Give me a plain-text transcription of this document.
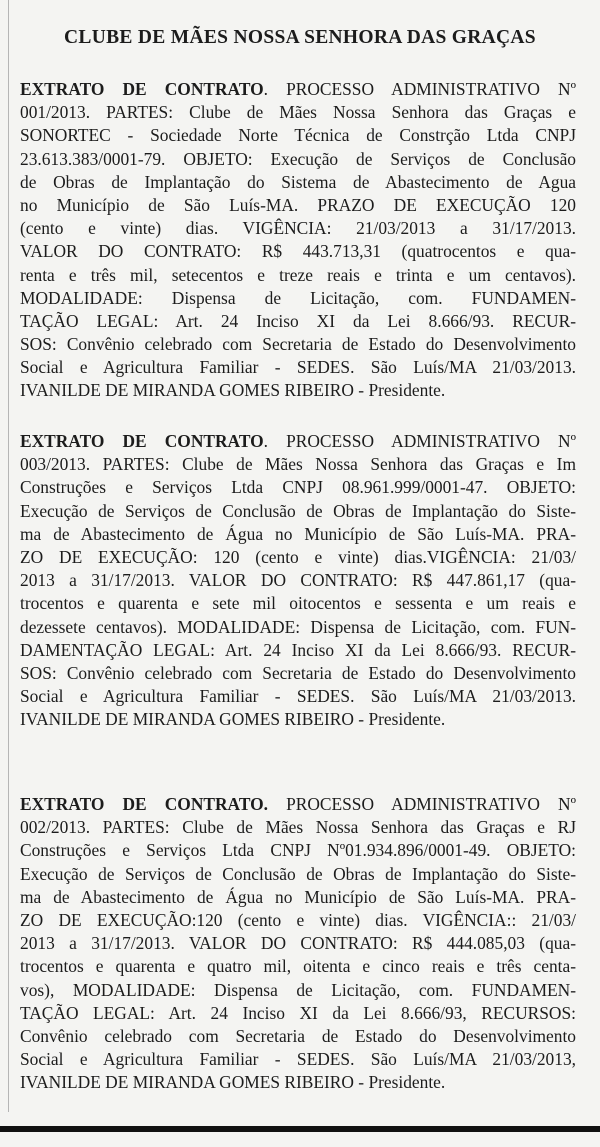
CLUBE DE MÃES NOSSA SENHORA DAS GRAÇAS
EXTRATO DE CONTRATO. PROCESSO ADMINISTRATIVO Nº
001/2013. PARTES: Clube de Mães Nossa Senhora das Graças e
SONORTEC - Sociedade Norte Técnica de Constrção Ltda CNPJ
23.613.383/0001-79. OBJETO: Execução de Serviços de Conclusão
de Obras de Implantação do Sistema de Abastecimento de Agua
no Município de São Luís-MA. PRAZO DE EXECUÇÃO 120
(cento e vinte) dias. VIGÊNCIA: 21/03/2013 a 31/17/2013.
VALOR DO CONTRATO: R$ 443.713,31 (quatrocentos e qua-
renta e três mil, setecentos e treze reais e trinta e um centavos).
MODALIDADE: Dispensa de Licitação, com. FUNDAMEN-
TAÇÃO LEGAL: Art. 24 Inciso XI da Lei 8.666/93. RECUR-
SOS: Convênio celebrado com Secretaria de Estado do Desenvolvimento
Social e Agricultura Familiar - SEDES. São Luís/MA 21/03/2013.
IVANILDE DE MIRANDA GOMES RIBEIRO - Presidente.
EXTRATO DE CONTRATO. PROCESSO ADMINISTRATIVO Nº
003/2013. PARTES: Clube de Mães Nossa Senhora das Graças e Im
Construções e Serviços Ltda CNPJ 08.961.999/0001-47. OBJETO:
Execução de Serviços de Conclusão de Obras de Implantação do Siste-
ma de Abastecimento de Água no Município de São Luís-MA. PRA-
ZO DE EXECUÇÃO: 120 (cento e vinte) dias.VIGÊNCIA: 21/03/
2013 a 31/17/2013. VALOR DO CONTRATO: R$ 447.861,17 (qua-
trocentos e quarenta e sete mil oitocentos e sessenta e um reais e
dezessete centavos). MODALIDADE: Dispensa de Licitação, com. FUN-
DAMENTAÇÃO LEGAL: Art. 24 Inciso XI da Lei 8.666/93. RECUR-
SOS: Convênio celebrado com Secretaria de Estado do Desenvolvimento
Social e Agricultura Familiar - SEDES. São Luís/MA 21/03/2013.
IVANILDE DE MIRANDA GOMES RIBEIRO - Presidente.
EXTRATO DE CONTRATO. PROCESSO ADMINISTRATIVO Nº
002/2013. PARTES: Clube de Mães Nossa Senhora das Graças e RJ
Construções e Serviços Ltda CNPJ Nº01.934.896/0001-49. OBJETO:
Execução de Serviços de Conclusão de Obras de Implantação do Siste-
ma de Abastecimento de Água no Município de São Luís-MA. PRA-
ZO DE EXECUÇÃO:120 (cento e vinte) dias. VIGÊNCIA:: 21/03/
2013 a 31/17/2013. VALOR DO CONTRATO: R$ 444.085,03 (qua-
trocentos e quarenta e quatro mil, oitenta e cinco reais e três centa-
vos), MODALIDADE: Dispensa de Licitação, com. FUNDAMEN-
TAÇÃO LEGAL: Art. 24 Inciso XI da Lei 8.666/93, RECURSOS:
Convênio celebrado com Secretaria de Estado do Desenvolvimento
Social e Agricultura Familiar - SEDES. São Luís/MA 21/03/2013,
IVANILDE DE MIRANDA GOMES RIBEIRO - Presidente.
